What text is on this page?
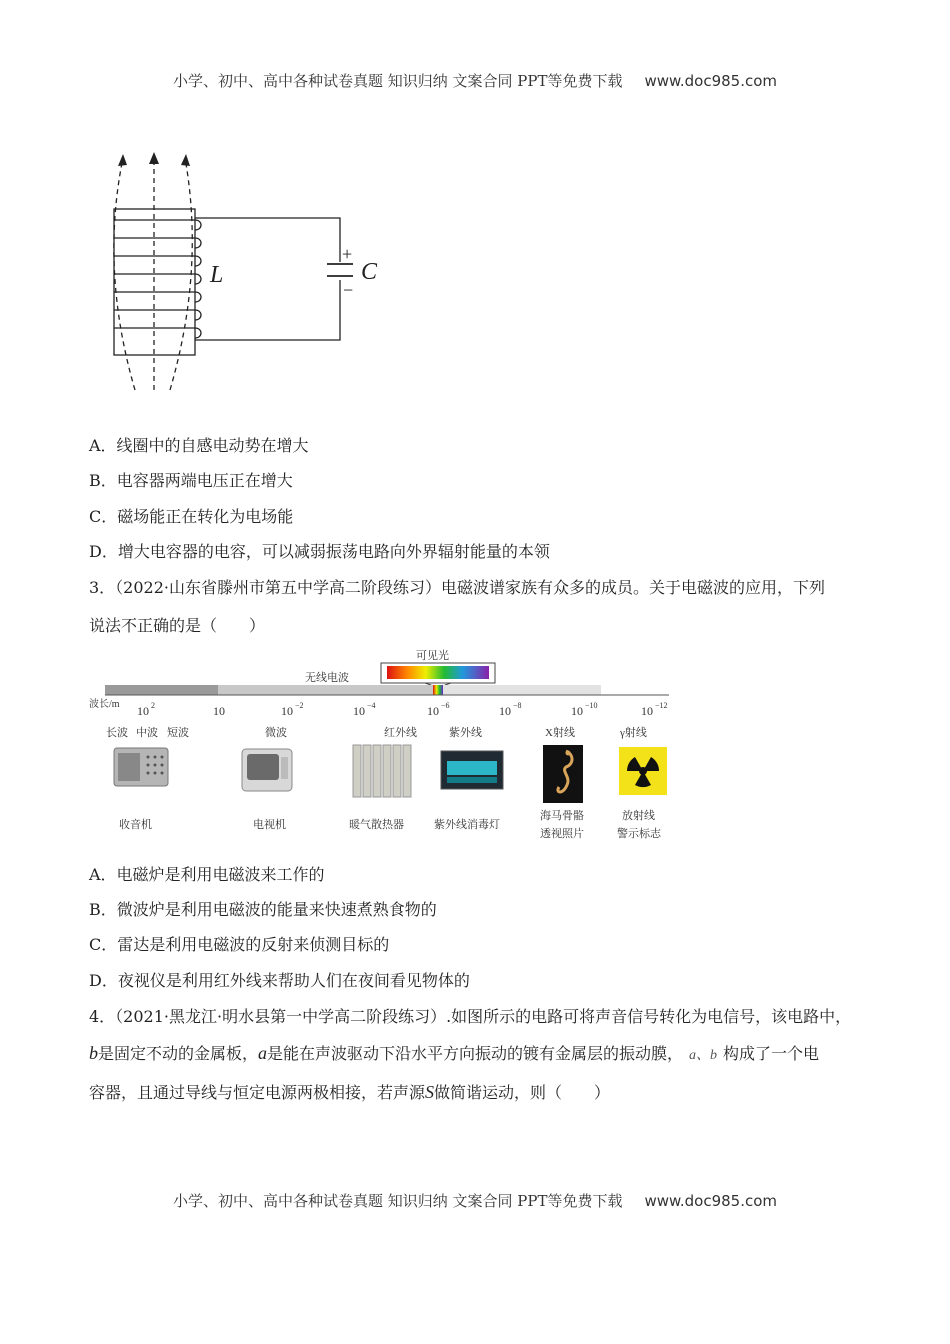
小学、初中、高中各种试卷真题 知识归纳 文案合同 PPT等免费下载 www.doc985.com
L	C
+
−
A．线圈中的自感电动势在增大
B．电容器两端电压正在增大
C．磁场能正在转化为电场能
D．增大电容器的电容，可以减弱振荡电路向外界辐射能量的本领
3．（2022·山东省滕州市第五中学高二阶段练习）电磁波谱家族有众多的成员。关于电磁波的应用，下列
说法不正确的是（　　）
可见光
无线电波
波长/m 10 2	10	10 −2	10 −4	10 −6	10 −8	10 −10	10 −12
长波 中波 短波	微波	红外线	紫外线	X射线	γ射线
收音机	电视机	暖气散热器	紫外线消毒灯
海马骨骼
透视照片
放射线
警示标志
A．电磁炉是利用电磁波来工作的
B．微波炉是利用电磁波的能量来快速煮熟食物的
C．雷达是利用电磁波的反射来侦测目标的
D．夜视仪是利用红外线来帮助人们在夜间看见物体的
4．（2021·黑龙江·明水县第一中学高二阶段练习）.如图所示的电路可将声音信号转化为电信号，该电路中，
b是固定不动的金属板，a是能在声波驱动下沿水平方向振动的镀有金属层的振动膜， a、b 构成了一个电
容器，且通过导线与恒定电源两极相接，若声源S做简谐运动，则（　　）
小学、初中、高中各种试卷真题 知识归纳 文案合同 PPT等免费下载 www.doc985.com
